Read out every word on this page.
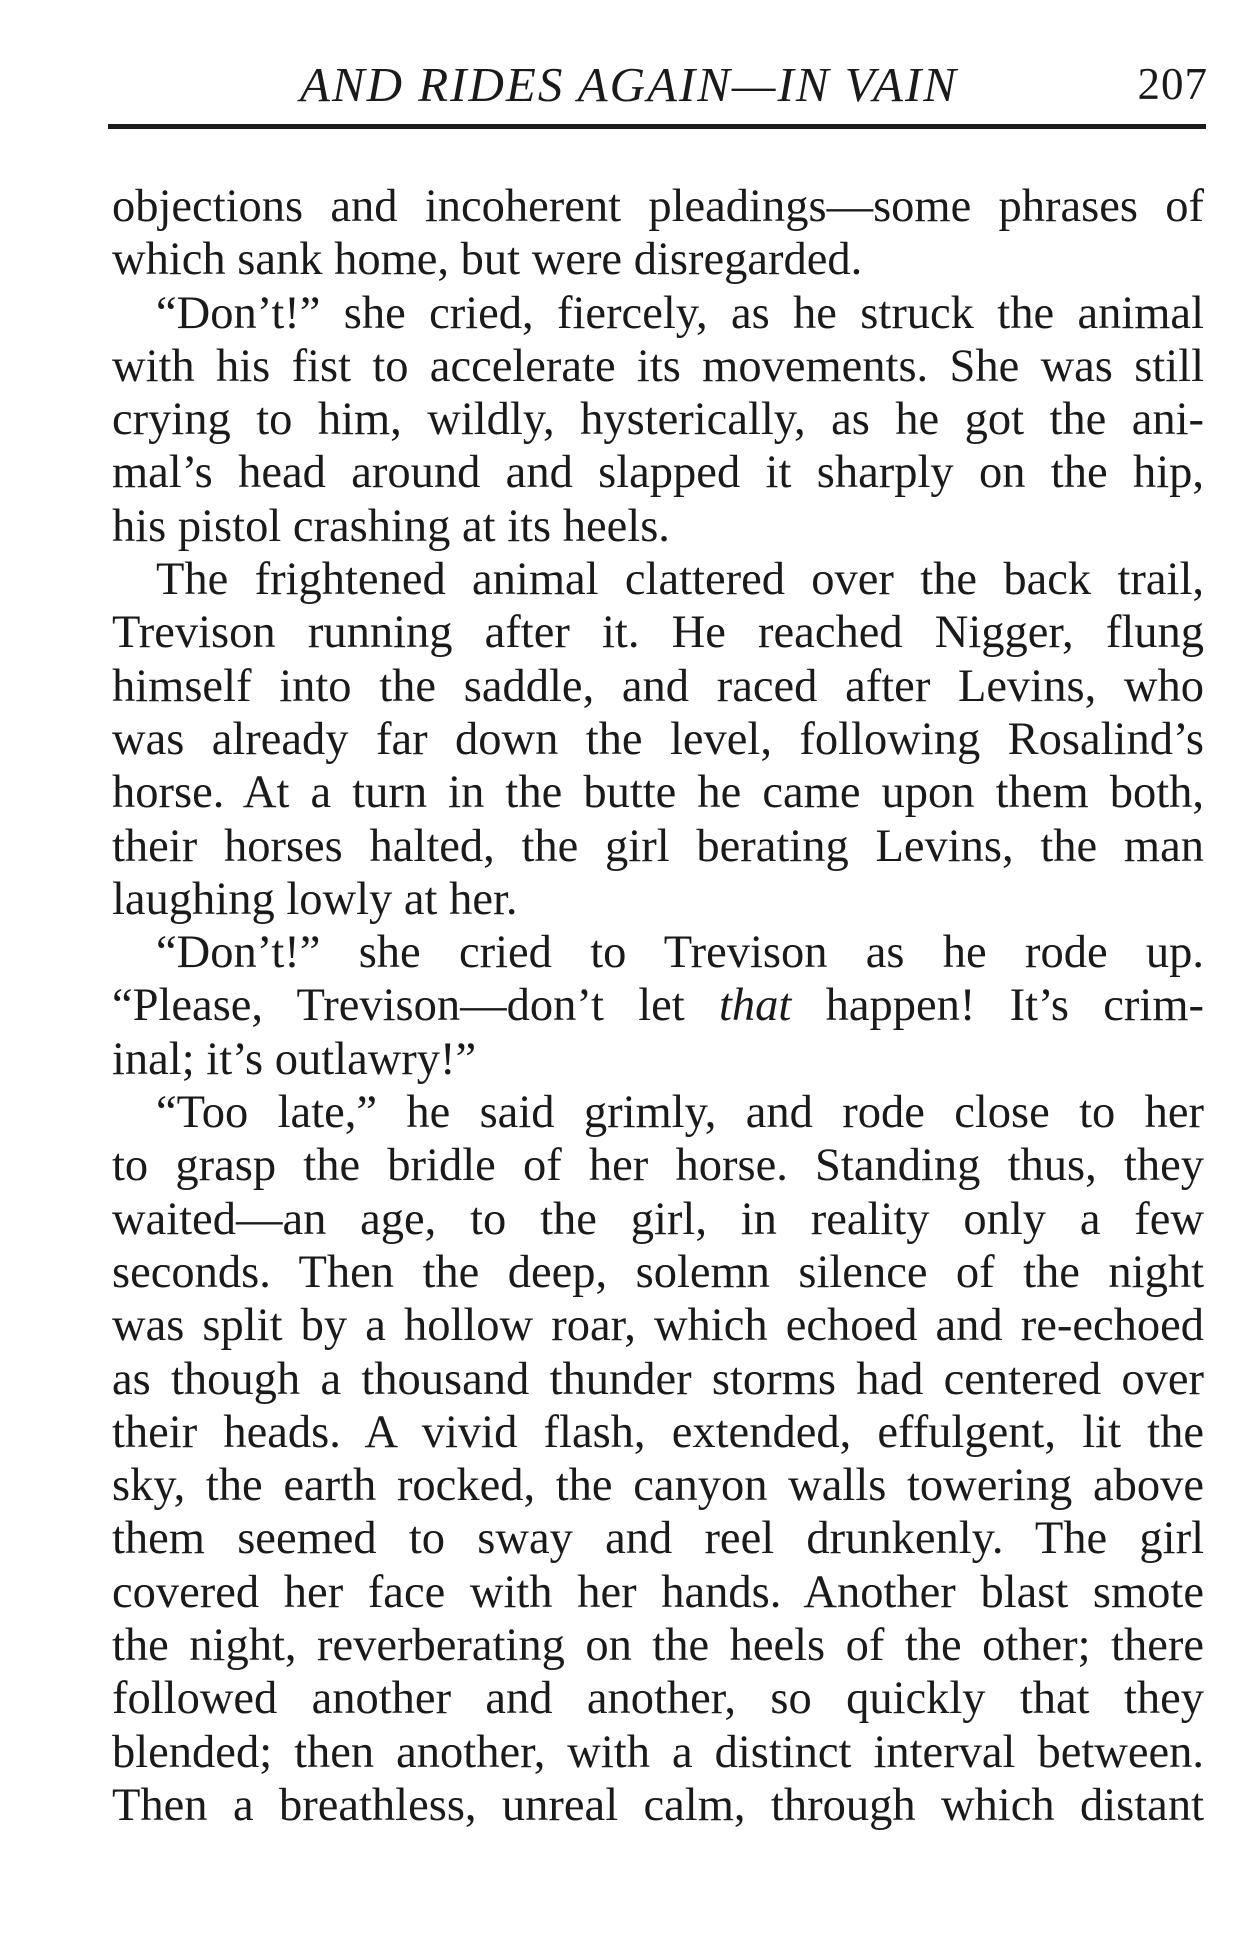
AND RIDES AGAIN—IN VAIN	207
objections and incoherent pleadings—some phrases of
which sank home, but were disregarded.
“Don’t!” she cried, fiercely, as he struck the animal
with his fist to accelerate its movements. She was still
crying to him, wildly, hysterically, as he got the ani-
mal’s head around and slapped it sharply on the hip,
his pistol crashing at its heels.
The frightened animal clattered over the back trail,
Trevison running after it. He reached Nigger, flung
himself into the saddle, and raced after Levins, who
was already far down the level, following Rosalind’s
horse. At a turn in the butte he came upon them both,
their horses halted, the girl berating Levins, the man
laughing lowly at her.
“Don’t!” she cried to Trevison as he rode up.
“Please, Trevison—don’t let that happen! It’s crim-
inal; it’s outlawry!”
“Too late,” he said grimly, and rode close to her
to grasp the bridle of her horse. Standing thus, they
waited—an age, to the girl, in reality only a few
seconds. Then the deep, solemn silence of the night
was split by a hollow roar, which echoed and re-echoed
as though a thousand thunder storms had centered over
their heads. A vivid flash, extended, effulgent, lit the
sky, the earth rocked, the canyon walls towering above
them seemed to sway and reel drunkenly. The girl
covered her face with her hands. Another blast smote
the night, reverberating on the heels of the other; there
followed another and another, so quickly that they
blended; then another, with a distinct interval between.
Then a breathless, unreal calm, through which distant
